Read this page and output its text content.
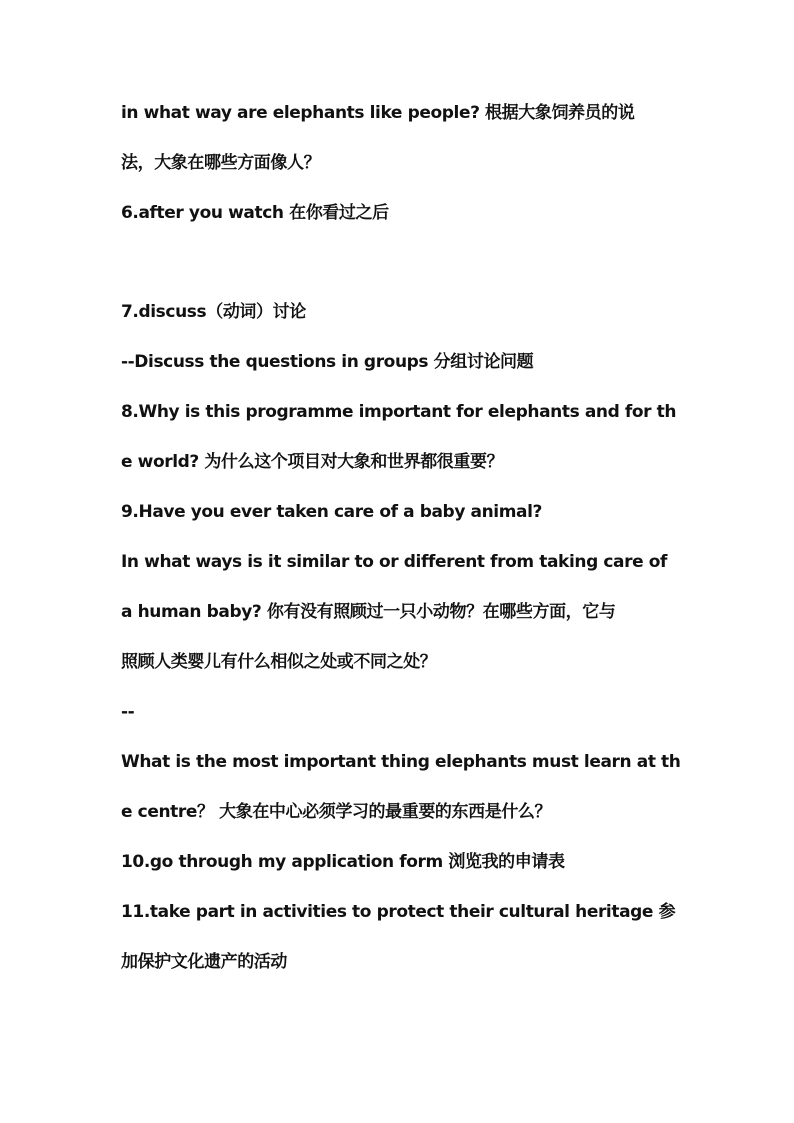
in what way are elephants like people? 根据大象饲养员的说
法，大象在哪些方面像人？
6.after you watch 在你看过之后
7.discuss（动词）讨论
--Discuss the questions in groups 分组讨论问题
8.Why is this programme important for elephants and for th
e world? 为什么这个项目对大象和世界都很重要？
9.Have you ever taken care of a baby animal?
In what ways is it similar to or different from taking care of
a human baby? 你有没有照顾过一只小动物？在哪些方面，它与
照顾人类婴儿有什么相似之处或不同之处？
--
What is the most important thing elephants must learn at th
e centre？ 大象在中心必须学习的最重要的东西是什么？
10.go through my application form 浏览我的申请表
11.take part in activities to protect their cultural heritage 参
加保护文化遗产的活动
